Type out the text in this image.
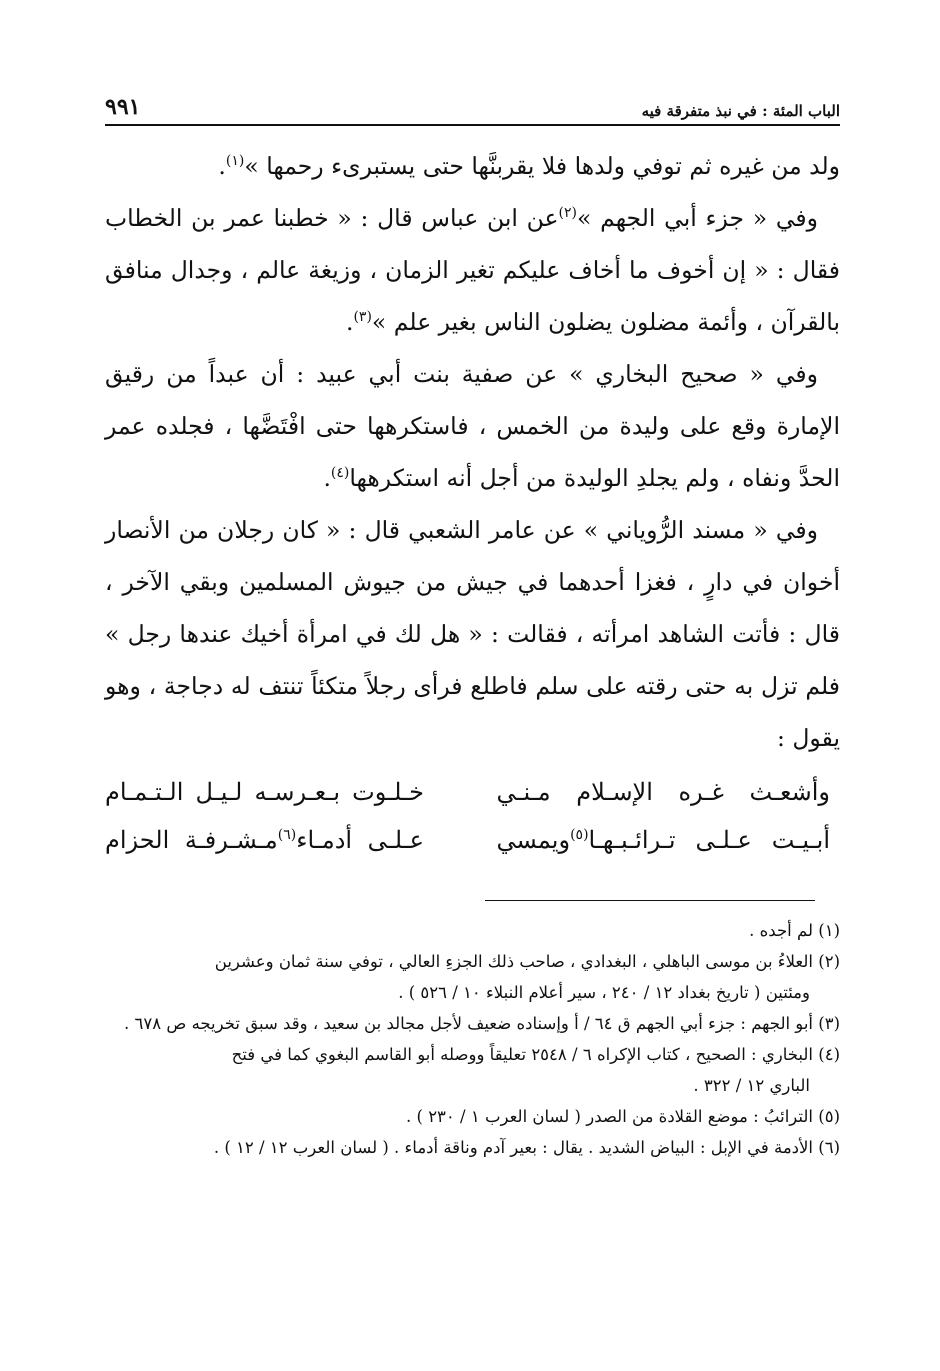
الباب المئة : في نبذ متفرقة فيه
٩٩١

ولد من غيره ثم توفي ولدها فلا يقربنَّها حتى يستبرىء رحمها »$^{(١)}$.

وفي « جزء أبي الجهم »$^{(٢)}$عن ابن عباس قال : « خطبنا عمر بن الخطاب فقال : « إن أخوف ما أخاف عليكم تغير الزمان ، وزيغة عالم ، وجدال منافق بالقرآن ، وأئمة مضلون يضلون الناس بغير علم »$^{(٣)}$.

وفي « صحيح البخاري » عن صفية بنت أبي عبيد : أن عبداً من رقيق الإمارة وقع على وليدة من الخمس ، فاستكرهها حتى افْتَضَّها ، فجلده عمر الحدَّ ونفاه ، ولم يجلدِ الوليدة من أجل أنه استكرهها$^{(٤)}$.

وفي « مسند الرُّوياني » عن عامر الشعبي قال : « كان رجلان من الأنصار أخوان في دارٍ ، فغزا أحدهما في جيش من جيوش المسلمين وبقي الآخر ، قال : فأتت الشاهد امرأته ، فقالت : « هل لك في امرأة أخيك عندها رجل » فلم تزل به حتى رقته على سلم فاطلع فرأى رجلاً متكئاً تنتف له دجاجة ، وهو يقول :

وأشعـث غـره الإسـلام مـنـي
خـلـوت بـعـرسـه لـيـل الـتـمـام
أبـيـت عـلـى تـرائـبـهـا$^{(٥)}$ويمسي
عـلـى أدمـاء$^{(٦)}$مـشـرفـة الحزام

(١) لم أجده .

(٢) العلاءُ بن موسى الباهلي ، البغدادي ، صاحب ذلك الجزءِ العالي ، توفي سنة ثمان وعشرين
ومئتين ( تاريخ بغداد ١٢ / ٢٤٠ ، سير أعلام النبلاء ١٠ / ٥٢٦ ) .

(٣) أبو الجهم : جزء أبي الجهم ق ٦٤ / أ وإسناده ضعيف لأجل مجالد بن سعيد ، وقد سبق تخريجه ص ٦٧٨ .

(٤) البخاري : الصحيح ، كتاب الإكراه ٦ / ٢٥٤٨ تعليقاً ووصله أبو القاسم البغوي كما في فتح
الباري ١٢ / ٣٢٢ .

(٥) الترائبُ : موضع القلادة من الصدر ( لسان العرب ١ / ٢٣٠ ) .

(٦) الأدمة في الإبل : البياض الشديد . يقال : بعير آدم وناقة أدماء . ( لسان العرب ١٢ / ١٢ ) .
